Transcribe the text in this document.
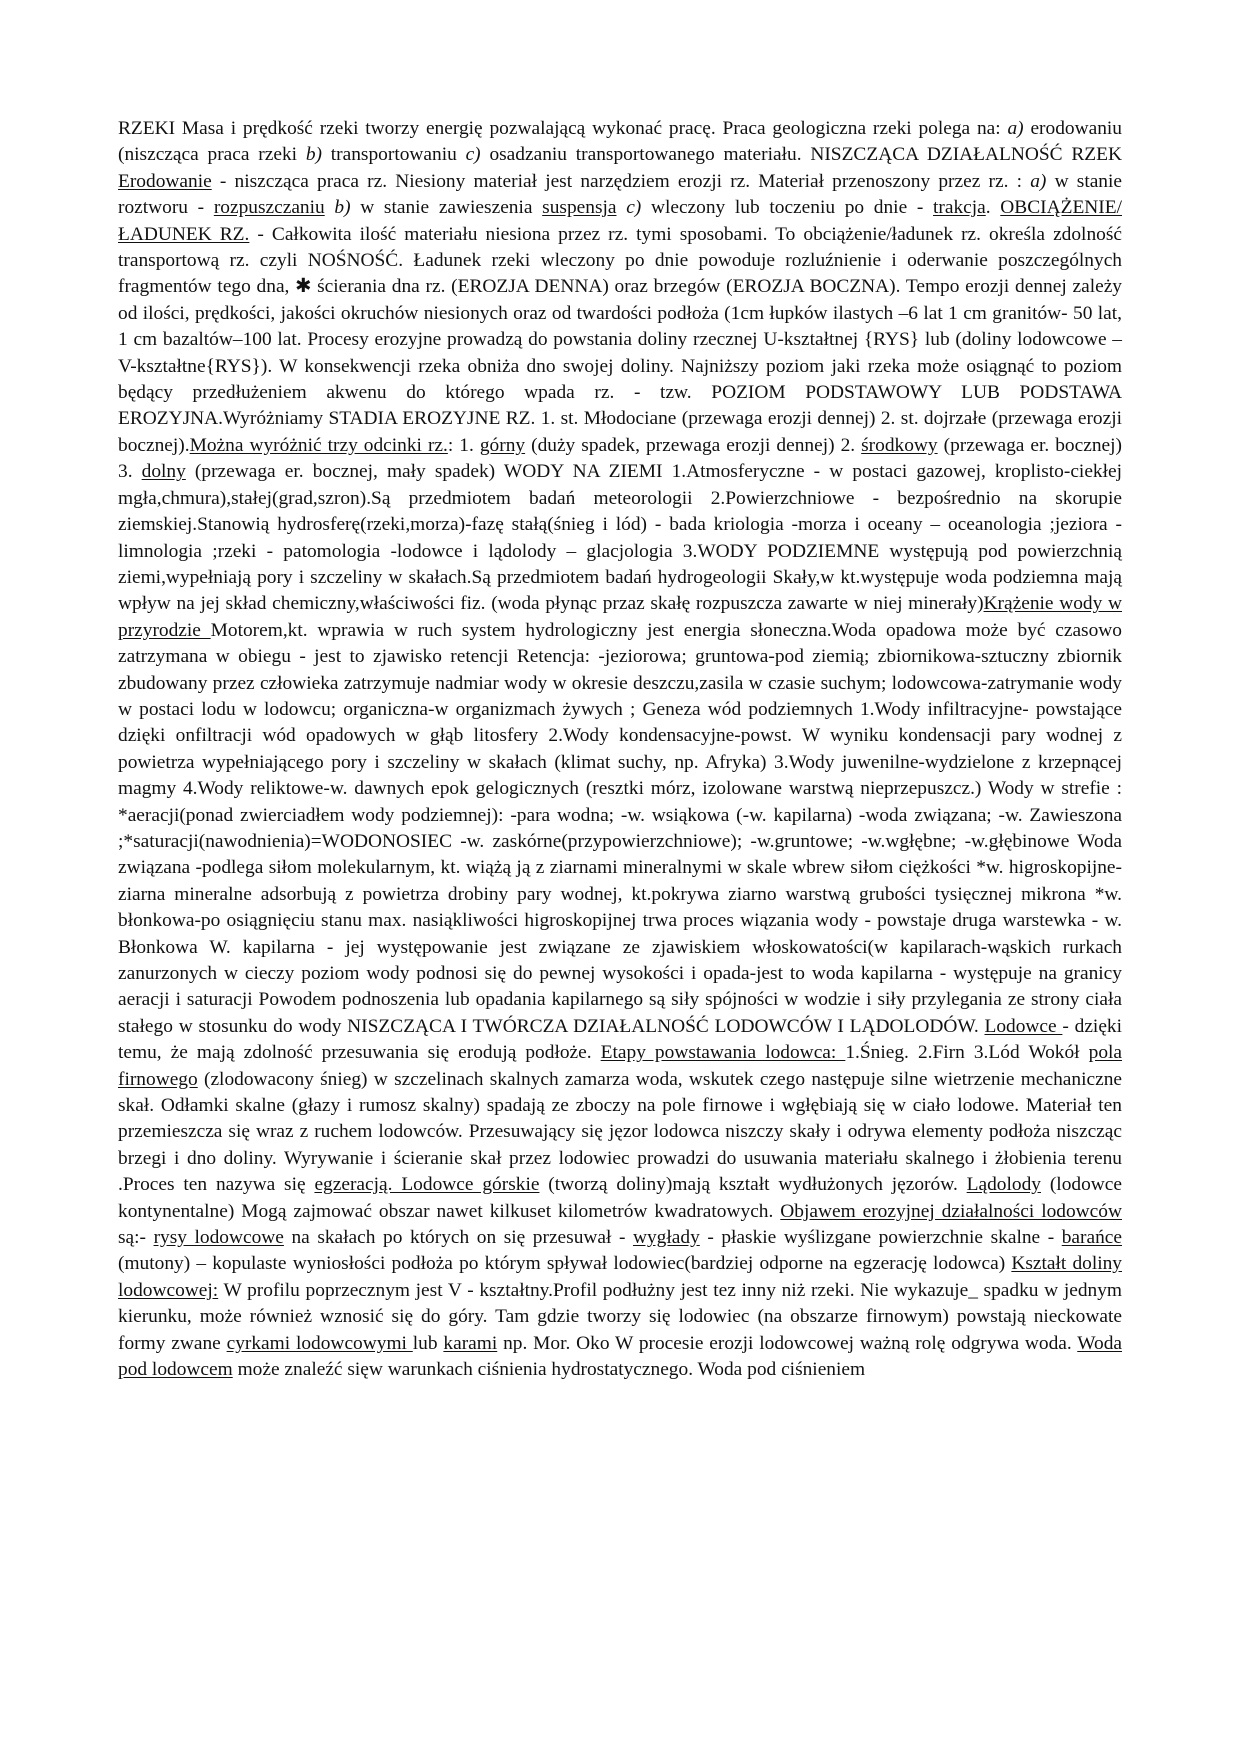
RZEKI Masa i prędkość rzeki tworzy energię pozwalającą wykonać pracę. Praca geologiczna rzeki polega na: a) erodowaniu (niszcząca praca rzeki b) transportowaniu c) osadzaniu transportowanego materiału. NISZCZĄCA DZIAŁALNOŚĆ RZEK Erodowanie - niszcząca praca rz. Niesiony materiał jest narzędziem erozji rz. Materiał przenoszony przez rz. : a) w stanie roztworu - rozpuszczaniu b) w stanie zawieszenia suspensja c) wleczony lub toczeniu po dnie - trakcja. OBCIĄŻENIE/ŁADUNEK RZ. - Całkowita ilość materiału niesiona przez rz. tymi sposobami. To obciążenie/ładunek rz. określa zdolność transportową rz. czyli NOŚNOŚĆ. Ładunek rzeki wleczony po dnie powoduje rozluźnienie i oderwanie poszczególnych fragmentów tego dna, ✱ ścierania dna rz. (EROZJA DENNA) oraz brzegów (EROZJA BOCZNA). Tempo erozji dennej zależy od ilości, prędkości, jakości okruchów niesionych oraz od twardości podłoża (1cm łupków ilastych –6 lat 1 cm granitów- 50 lat, 1 cm bazaltów–100 lat. Procesy erozyjne prowadzą do powstania doliny rzecznej U-kształtnej {RYS} lub (doliny lodowcowe – V-kształtne{RYS}). W konsekwencji rzeka obniża dno swojej doliny. Najniższy poziom jaki rzeka może osiągnąć to poziom będący przedłużeniem akwenu do którego wpada rz. - tzw. POZIOM PODSTAWOWY LUB PODSTAWA EROZYJNA.Wyróżniamy STADIA EROZYJNE RZ. 1. st. Młodociane (przewaga erozji dennej) 2. st. dojrzałe (przewaga erozji bocznej).Można wyróżnić trzy odcinki rz.: 1. górny (duży spadek, przewaga erozji dennej) 2. środkowy (przewaga er. bocznej) 3. dolny (przewaga er. bocznej, mały spadek) WODY NA ZIEMI 1.Atmosferyczne - w postaci gazowej, kroplisto-ciekłej mgła,chmura),stałej(grad,szron).Są przedmiotem badań meteorologii 2.Powierzchniowe - bezpośrednio na skorupie ziemskiej.Stanowią hydrosferę(rzeki,morza)-fazę stałą(śnieg i lód) - bada kriologia -morza i oceany – oceanologia ;jeziora - limnologia ;rzeki - patomologia -lodowce i lądolody – glacjologia 3.WODY PODZIEMNE występują pod powierzchnią ziemi,wypełniają pory i szczeliny w skałach.Są przedmiotem badań hydrogeologii Skały,w kt.występuje woda podziemna mają wpływ na jej skład chemiczny,właściwości fiz. (woda płynąc przaz skałę rozpuszcza zawarte w niej minerały)Krążenie wody w przyrodzie Motorem,kt. wprawia w ruch system hydrologiczny jest energia słoneczna.Woda opadowa może być czasowo zatrzymana w obiegu - jest to zjawisko retencji Retencja: -jeziorowa; gruntowa-pod ziemią; zbiornikowa-sztuczny zbiornik zbudowany przez człowieka zatrzymuje nadmiar wody w okresie deszczu,zasila w czasie suchym; lodowcowa-zatrymanie wody w postaci lodu w lodowcu; organiczna-w organizmach żywych ; Geneza wód podziemnych 1.Wody infiltracyjne- powstające dzięki onfiltracji wód opadowych w głąb litosfery 2.Wody kondensacyjne-powst. W wyniku kondensacji pary wodnej z powietrza wypełniającego pory i szczeliny w skałach (klimat suchy, np. Afryka) 3.Wody juwenilne-wydzielone z krzepnącej magmy 4.Wody reliktowe-w. dawnych epok gelogicznych (resztki mórz, izolowane warstwą nieprzepuszcz.) Wody w strefie : *aeracji(ponad zwierciadłem wody podziemnej): -para wodna; -w. wsiąkowa (-w. kapilarna) -woda związana; -w. Zawieszona ;*saturacji(nawodnienia)=WODONOSIEC -w. zaskórne(przypowierzchniowe); -w.gruntowe; -w.wgłębne; -w.głębinowe Woda związana -podlega siłom molekularnym, kt. wiążą ją z ziarnami mineralnymi w skale wbrew siłom ciężkości *w. higroskopijne-ziarna mineralne adsorbują z powietrza drobiny pary wodnej, kt.pokrywa ziarno warstwą grubości tysięcznej mikrona *w. błonkowa-po osiągnięciu stanu max. nasiąkliwości higroskopijnej trwa proces wiązania wody - powstaje druga warstewka - w. Błonkowa W. kapilarna - jej występowanie jest związane ze zjawiskiem włoskowatości(w kapilarach-wąskich rurkach zanurzonych w cieczy poziom wody podnosi się do pewnej wysokości i opada-jest to woda kapilarna - występuje na granicy aeracji i saturacji Powodem podnoszenia lub opadania kapilarnego są siły spójności w wodzie i siły przylegania ze strony ciała stałego w stosunku do wody NISZCZĄCA I TWÓRCZA DZIAŁALNOŚĆ LODOWCÓW I LĄDOLODÓW. Lodowce - dzięki temu, że mają zdolność przesuwania się erodują podłoże. Etapy powstawania lodowca: 1.Śnieg. 2.Firn 3.Lód Wokół pola firnowego (zlodowacony śnieg) w szczelinach skalnych zamarza woda, wskutek czego następuje silne wietrzenie mechaniczne skał. Odłamki skalne (głazy i rumosz skalny) spadają ze zboczy na pole firnowe i wgłębiają się w ciało lodowe. Materiał ten przemieszcza się wraz z ruchem lodowców. Przesuwający się jęzor lodowca niszczy skały i odrywa elementy podłoża niszcząc brzegi i dno doliny. Wyrywanie i ścieranie skał przez lodowiec prowadzi do usuwania materiału skalnego i żłobienia terenu .Proces ten nazywa się egzeracją. Lodowce górskie (tworzą doliny)mają kształt wydłużonych jęzorów. Lądolody (lodowce kontynentalne) Mogą zajmować obszar nawet kilkuset kilometrów kwadratowych. Objawem erozyjnej działalności lodowców są:- rysy lodowcowe na skałach po których on się przesuwał - wygłady - płaskie wyślizgane powierzchnie skalne - barańce (mutony) – kopulaste wyniosłości podłoża po którym spływał lodowiec(bardziej odporne na egzerację lodowca) Kształt doliny lodowcowej: W profilu poprzecznym jest V - kształtny.Profil podłużny jest tez inny niż rzeki. Nie wykazuje_ spadku w jednym kierunku, może również wznosić się do góry. Tam gdzie tworzy się lodowiec (na obszarze firnowym) powstają nieckowate formy zwane cyrkami lodowcowymi lub karami np. Mor. Oko W procesie erozji lodowcowej ważną rolę odgrywa woda. Woda pod lodowcem może znaleźć sięw warunkach ciśnienia hydrostatycznego. Woda pod ciśnieniem
